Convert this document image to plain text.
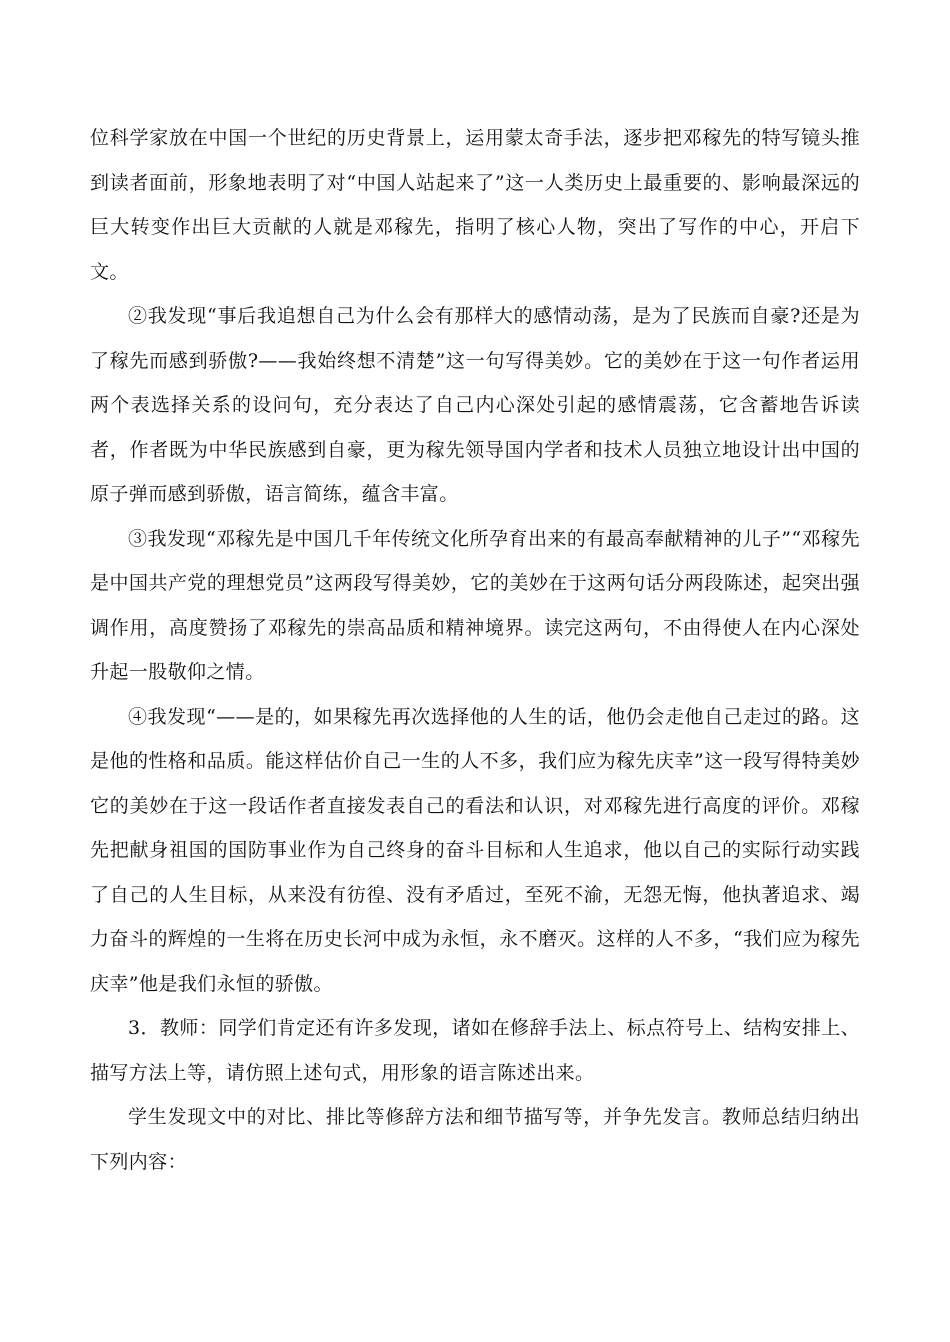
位科学家放在中国一个世纪的历史背景上，运用蒙太奇手法，逐步把邓稼先的特写镜头推到读者面前，形象地表明了对“中国人站起来了”这一人类历史上最重要的、影响最深远的巨大转变作出巨大贡献的人就是邓稼先，指明了核心人物，突出了写作的中心，开启下文。

②我发现“事后我追想自己为什么会有那样大的感情动荡，是为了民族而自豪?还是为了稼先而感到骄傲?——我始终想不清楚”这一句写得美妙。它的美妙在于这一句作者运用两个表选择关系的设问句，充分表达了自己内心深处引起的感情震荡，它含蓄地告诉读者，作者既为中华民族感到自豪，更为稼先领导国内学者和技术人员独立地设计出中国的原子弹而感到骄傲，语言简练，蕴含丰富。

③我发现“邓稼先是中国几千年传统文化所孕育出来的有最高奉献精神的儿子”“邓稼先是中国共产党的理想党员”这两段写得美妙，它的美妙在于这两句话分两段陈述，起突出强调作用，高度赞扬了邓稼先的崇高品质和精神境界。读完这两句，不由得使人在内心深处升起一股敬仰之情。

④我发现“——是的，如果稼先再次选择他的人生的话，他仍会走他自己走过的路。这是他的性格和品质。能这样估价自己一生的人不多，我们应为稼先庆幸”这一段写得特美妙它的美妙在于这一段话作者直接发表自己的看法和认识，对邓稼先进行高度的评价。邓稼先把献身祖国的国防事业作为自己终身的奋斗目标和人生追求，他以自己的实际行动实践了自己的人生目标，从来没有彷徨、没有矛盾过，至死不渝，无怨无悔，他执著追求、竭力奋斗的辉煌的一生将在历史长河中成为永恒，永不磨灭。这样的人不多，“我们应为稼先庆幸”他是我们永恒的骄傲。

3．教师：同学们肯定还有许多发现，诸如在修辞手法上、标点符号上、结构安排上、描写方法上等，请仿照上述句式，用形象的语言陈述出来。

学生发现文中的对比、排比等修辞方法和细节描写等，并争先发言。教师总结归纳出下列内容：
